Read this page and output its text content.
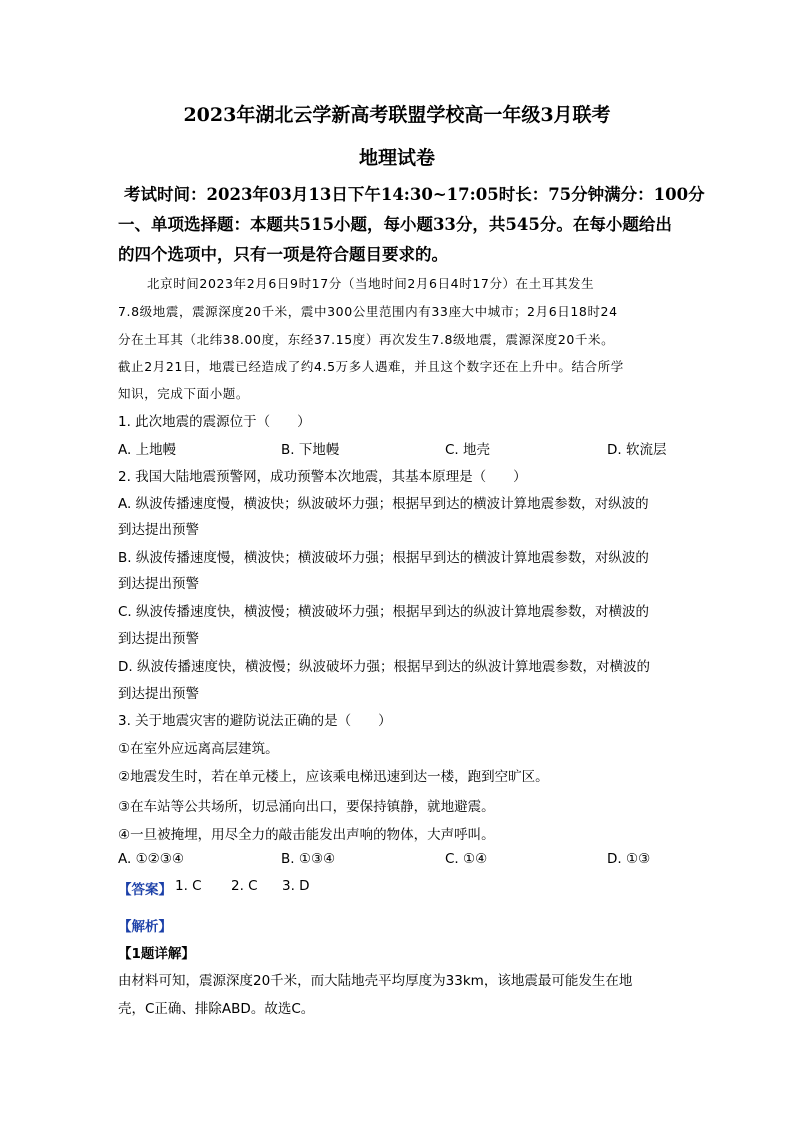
2023年湖北云学新高考联盟学校高一年级3月联考
地理试卷
考试时间：2023年03月13日下午14:30~17:05时长：75分钟满分：100分
一、单项选择题：本题共515小题，每小题33分，共545分。在每小题给出
的四个选项中，只有一项是符合题目要求的。
北京时间2023年2月6日9时17分（当地时间2月6日4时17分）在土耳其发生
7.8级地震，震源深度20千米，震中300公里范围内有33座大中城市；2月6日18时24
分在土耳其（北纬38.00度，东经37.15度）再次发生7.8级地震，震源深度20千米。
截止2月21日，地震已经造成了约4.5万多人遇难，并且这个数字还在上升中。结合所学
知识，完成下面小题。
1. 此次地震的震源位于（　　）
A. 上地幔	B. 下地幔	C. 地壳	D. 软流层
2. 我国大陆地震预警网，成功预警本次地震，其基本原理是（　　）
A. 纵波传播速度慢，横波快；纵波破坏力强；根据早到达的横波计算地震参数，对纵波的
到达提出预警
B. 纵波传播速度慢，横波快；横波破坏力强；根据早到达的横波计算地震参数，对纵波的
到达提出预警
C. 纵波传播速度快，横波慢；横波破坏力强；根据早到达的纵波计算地震参数，对横波的
到达提出预警
D. 纵波传播速度快，横波慢；纵波破坏力强；根据早到达的纵波计算地震参数，对横波的
到达提出预警
3. 关于地震灾害的避防说法正确的是（　　）
①在室外应远离高层建筑。
②地震发生时，若在单元楼上，应该乘电梯迅速到达一楼，跑到空旷区。
③在车站等公共场所，切忌涌向出口，要保持镇静，就地避震。
④一旦被掩埋，用尽全力的敲击能发出声响的物体，大声呼叫。
A. ①②③④	B. ①③④	C. ①④	D. ①③
【答案】 1. C 2. C 3. D
【解析】
【1题详解】
由材料可知，震源深度20千米，而大陆地壳平均厚度为33km，该地震最可能发生在地
壳，C正确、排除ABD。故选C。
